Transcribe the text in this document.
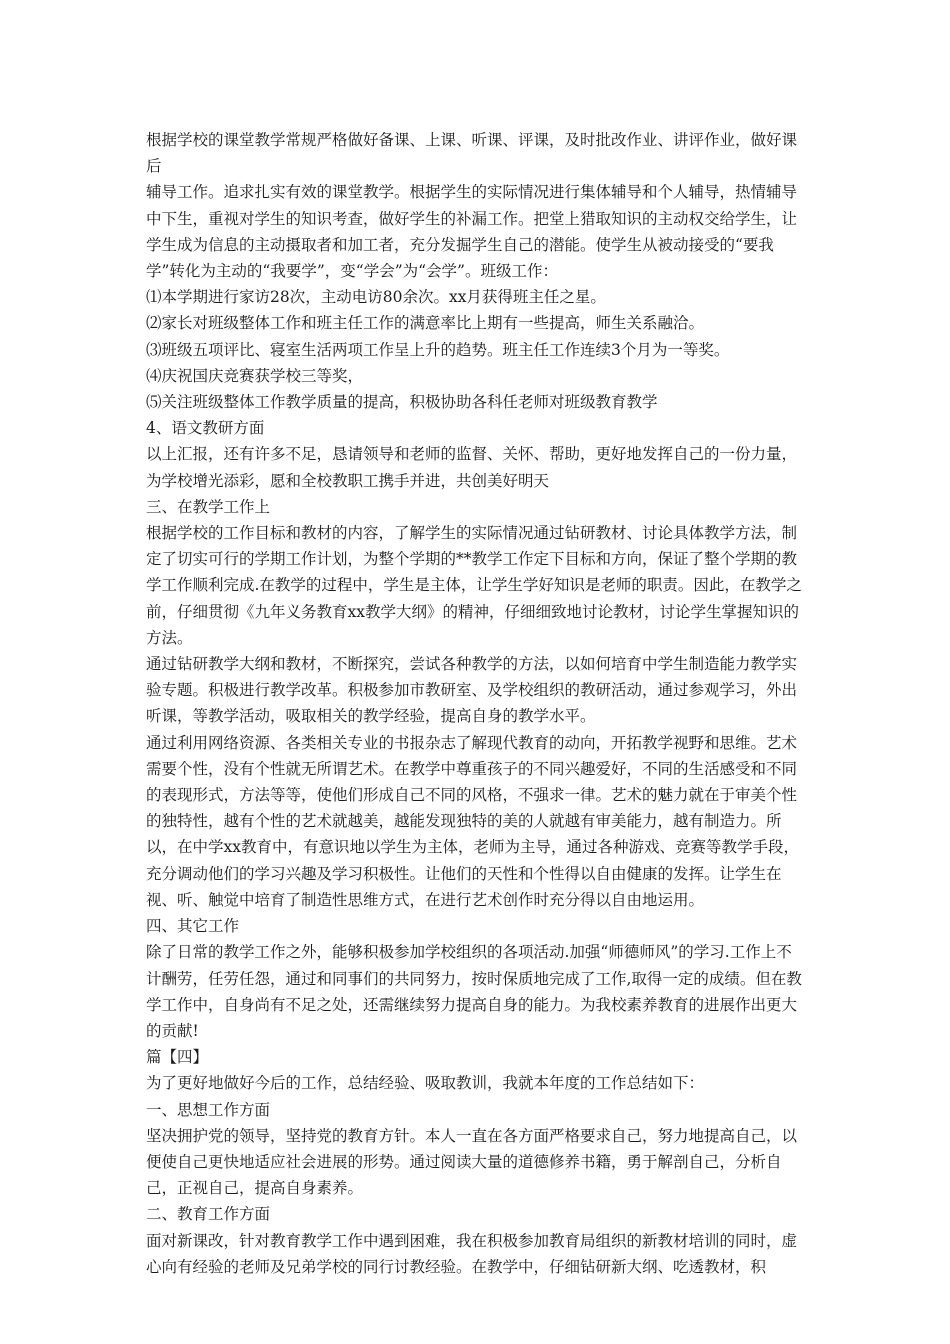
根据学校的课堂教学常规严格做好备课、上课、听课、评课，及时批改作业、讲评作业，做好课后

辅导工作。追求扎实有效的课堂教学。根据学生的实际情况进行集体辅导和个人辅导，热情辅导中下生，重视对学生的知识考查，做好学生的补漏工作。把堂上猎取知识的主动权交给学生，让学生成为信息的主动摄取者和加工者，充分发掘学生自己的潜能。使学生从被动接受的“要我学”转化为主动的“我要学”，变“学会”为“会学”。班级工作：

⑴本学期进行家访28次，主动电访80余次。xx月获得班主任之星。

⑵家长对班级整体工作和班主任工作的满意率比上期有一些提高，师生关系融洽。

⑶班级五项评比、寝室生活两项工作呈上升的趋势。班主任工作连续3个月为一等奖。

⑷庆祝国庆竞赛获学校三等奖，

⑸关注班级整体工作教学质量的提高，积极协助各科任老师对班级教育教学

4、语文教研方面

以上汇报，还有许多不足，恳请领导和老师的监督、关怀、帮助，更好地发挥自己的一份力量，为学校增光添彩，愿和全校教职工携手并进，共创美好明天

三、在教学工作上

根据学校的工作目标和教材的内容，了解学生的实际情况通过钻研教材、讨论具体教学方法，制定了切实可行的学期工作计划，为整个学期的**教学工作定下目标和方向，保证了整个学期的教学工作顺利完成.在教学的过程中，学生是主体，让学生学好知识是老师的职责。因此，在教学之前，仔细贯彻《九年义务教育xx教学大纲》的精神，仔细细致地讨论教材，讨论学生掌握知识的方法。

通过钻研教学大纲和教材，不断探究，尝试各种教学的方法，以如何培育中学生制造能力教学实验专题。积极进行教学改革。积极参加市教研室、及学校组织的教研活动，通过参观学习，外出听课，等教学活动，吸取相关的教学经验，提高自身的教学水平。

通过利用网络资源、各类相关专业的书报杂志了解现代教育的动向，开拓教学视野和思维。艺术需要个性，没有个性就无所谓艺术。在教学中尊重孩子的不同兴趣爱好，不同的生活感受和不同的表现形式，方法等等，使他们形成自己不同的风格，不强求一律。艺术的魅力就在于审美个性的独特性，越有个性的艺术就越美，越能发现独特的美的人就越有审美能力，越有制造力。所以，在中学xx教育中，有意识地以学生为主体，老师为主导，通过各种游戏、竞赛等教学手段，充分调动他们的学习兴趣及学习积极性。让他们的天性和个性得以自由健康的发挥。让学生在视、听、触觉中培育了制造性思维方式，在进行艺术创作时充分得以自由地运用。

四、其它工作

除了日常的教学工作之外，能够积极参加学校组织的各项活动.加强“师德师风”的学习.工作上不计酬劳，任劳任怨，通过和同事们的共同努力，按时保质地完成了工作,取得一定的成绩。但在教学工作中，自身尚有不足之处，还需继续努力提高自身的能力。为我校素养教育的进展作出更大的贡献!

篇【四】

为了更好地做好今后的工作，总结经验、吸取教训，我就本年度的工作总结如下：

一、思想工作方面

坚决拥护党的领导，坚持党的教育方针。本人一直在各方面严格要求自己，努力地提高自己，以便使自己更快地适应社会进展的形势。通过阅读大量的道德修养书籍，勇于解剖自己，分析自己，正视自己，提高自身素养。

二、教育工作方面

面对新课改，针对教育教学工作中遇到困难，我在积极参加教育局组织的新教材培训的同时，虚心向有经验的老师及兄弟学校的同行讨教经验。在教学中，仔细钻研新大纲、吃透教材，积
